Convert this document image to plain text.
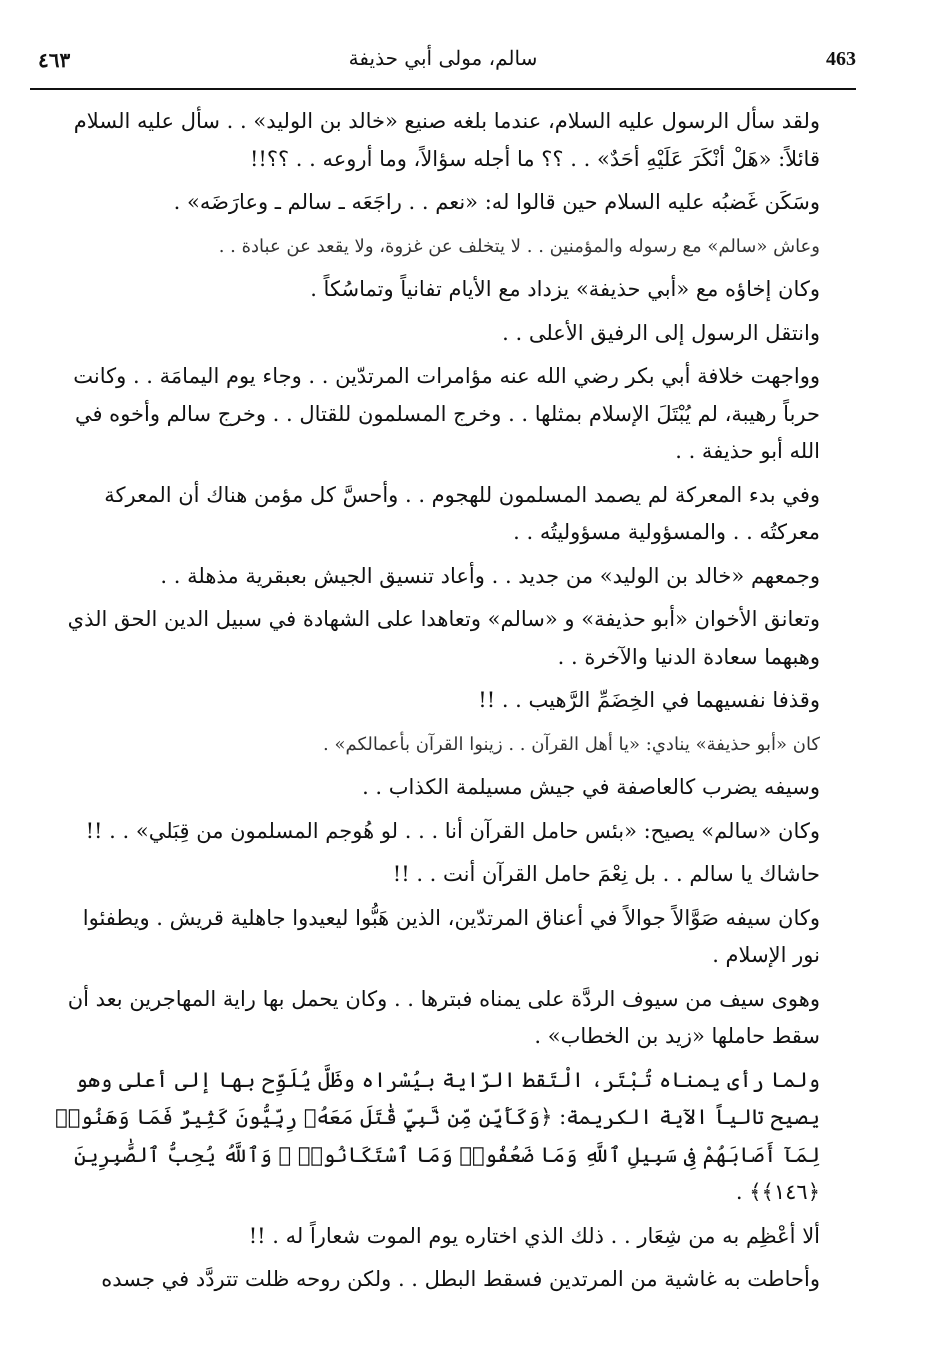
٤٦٣	سالم، مولى أبي حذيفة	463

ولقد سأل الرسول عليه السلام، عندما بلغه صنيع «خالد بن الوليد» . . سأل عليه السلام قائلاً: «هَلْ أنْكَرَ عَلَيْهِ أحَدٌ» . . ؟؟ ما أجله سؤالاً، وما أروعه . . ؟؟!!

وسَكَن غَضبُه عليه السلام حين قالوا له: «نعم . . راجَعَه ـ سالم ـ وعارَضَه» .

وعاش «سالم» مع رسوله والمؤمنين . . لا يتخلف عن غزوة، ولا يقعد عن عبادة . .

وكان إخاؤه مع «أبي حذيفة» يزداد مع الأيام تفانياً وتماسُكاً .

وانتقل الرسول إلى الرفيق الأعلى . .

وواجهت خلافة أبي بكر رضي الله عنه مؤامرات المرتدّين . . وجاء يوم اليمامَة . . وكانت حرباً رهيبة، لم يُبْتَلَ الإسلام بمثلها . . وخرج المسلمون للقتال . . وخرج سالم وأخوه في الله أبو حذيفة . .

وفي بدء المعركة لم يصمد المسلمون للهجوم . . وأحسَّ كل مؤمن هناك أن المعركة معركتُه . . والمسؤولية مسؤوليتُه . .

وجمعهم «خالد بن الوليد» من جديد . . وأعاد تنسيق الجيش بعبقرية مذهلة . .

وتعانق الأخوان «أبو حذيفة» و «سالم» وتعاهدا على الشهادة في سبيل الدين الحق الذي وهبهما سعادة الدنيا والآخرة . .

وقذفا نفسيهما في الخِضَمِّ الرَّهيب . . !!

كان «أبو حذيفة» ينادي: «يا أهل القرآن . . زينوا القرآن بأعمالكم» .

وسيفه يضرب كالعاصفة في جيش مسيلمة الكذاب . .

وكان «سالم» يصيح: «بئس حامل القرآن أنا . . . لو هُوجم المسلمون من قِبَلي» . . !!

حاشاك يا سالم . . بل نِعْمَ حامل القرآن أنت . . !!

وكان سيفه صَوَّالاً جوالاً في أعناق المرتدّين، الذين هَبُّوا ليعيدوا جاهلية قريش . ويطفئوا نور الإسلام .

وهوى سيف من سيوف الردَّة على يمناه فبترها . . وكان يحمل بها راية المهاجرين بعد أن سقط حاملها «زيد بن الخطاب» .

ولما رأى يمناه تُبْتَر، الْتَقط الرّاية بيُسْراه وظَلَّ يُلَوِّح بها إلى أعلى وهو يصيح تالياً الآية الكريمة: ﴿وَكَأَيِّن مِّن نَّبِيٍّ قَٰتَلَ مَعَهُۥ رِبِّيُّونَ كَثِيرٌ فَمَا وَهَنُوا۟ لِمَآ أَصَابَهُمْ فِى سَبِيلِ ٱللَّهِ وَمَا ضَعُفُوا۟ وَمَا ٱسْتَكَانُوا۟ ۗ وَٱللَّهُ يُحِبُّ ٱلصَّٰبِرِينَ ﴿١٤٦﴾﴾ .

ألا أعْظِم به من شِعَار . . ذلك الذي اختاره يوم الموت شعاراً له . !!

وأحاطت به غاشية من المرتدين فسقط البطل . . ولكن روحه ظلت تتردَّد في جسده
